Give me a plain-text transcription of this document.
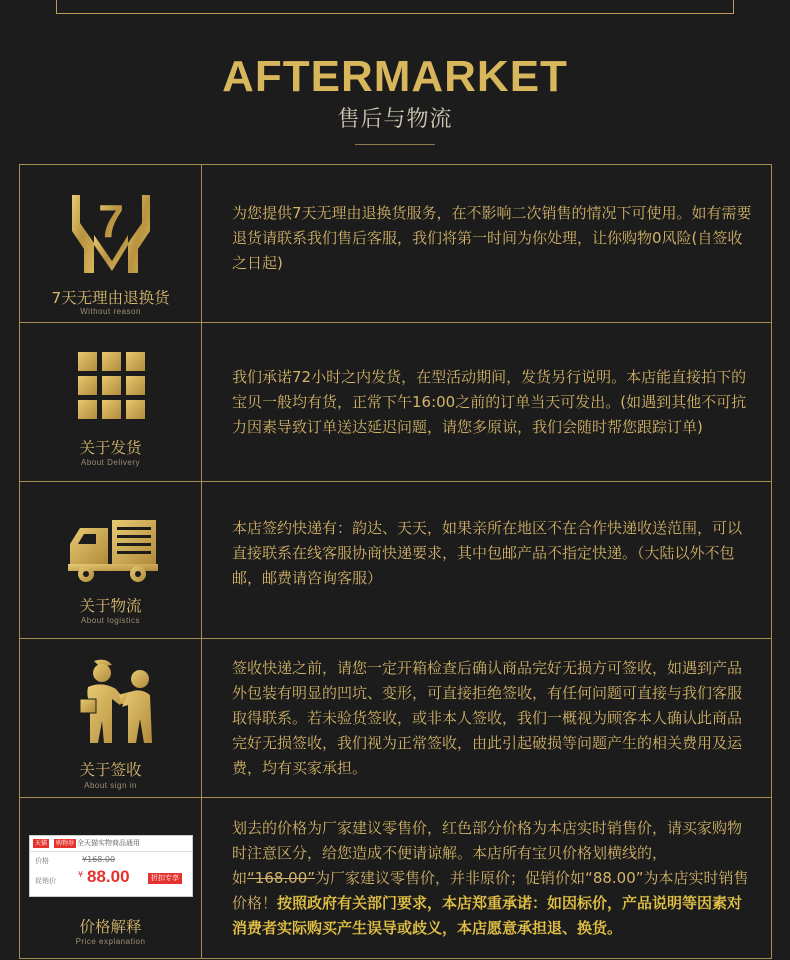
AFTERMARKET
售后与物流
7
7天无理由退换货
Without reason
为您提供7天无理由退换货服务，在不影响二次销售的情况下可使用。如有需要退货请联系我们售后客服，我们将第一时间为你处理，让你购物0风险(自签收之日起)
关于发货
About Delivery
我们承诺72小时之内发货，在型活动期间，发货另行说明。本店能直接拍下的宝贝一般均有货，正常下午16:00之前的订单当天可发出。(如遇到其他不可抗力因素导致订单送达延迟问题，请您多原谅，我们会随时帮您跟踪订单)
关于物流
About logistics
本店签约快递有：韵达、天天，如果亲所在地区不在合作快递收送范围，可以直接联系在线客服协商快递要求，其中包邮产品不指定快递。（大陆以外不包邮，邮费请咨询客服）
关于签收
About sign in
签收快递之前，请您一定开箱检查后确认商品完好无损方可签收，如遇到产品外包装有明显的凹坑、变形，可直接拒绝签收，有任何问题可直接与我们客服取得联系。若未验货签收，或非本人签收，我们一概视为顾客本人确认此商品完好无损签收，我们视为正常签收，由此引起破损等问题产生的相关费用及运费，均有买家承担。
天猫	购物券 全天猫实物商品通用
价格	¥168.00
促销价
¥ 88.00	折扣专享
价格解释
Price explanation
划去的价格为厂家建议零售价，红色部分价格为本店实时销售价，请买家购物时注意区分，给您造成不便请谅解。本店所有宝贝价格划横线的，如“168.00”为厂家建议零售价，并非原价；促销价如“88.00”为本店实时销售价格！按照政府有关部门要求，本店郑重承诺：如因标价，产品说明等因素对消费者实际购买产生误导或歧义，本店愿意承担退、换货。
